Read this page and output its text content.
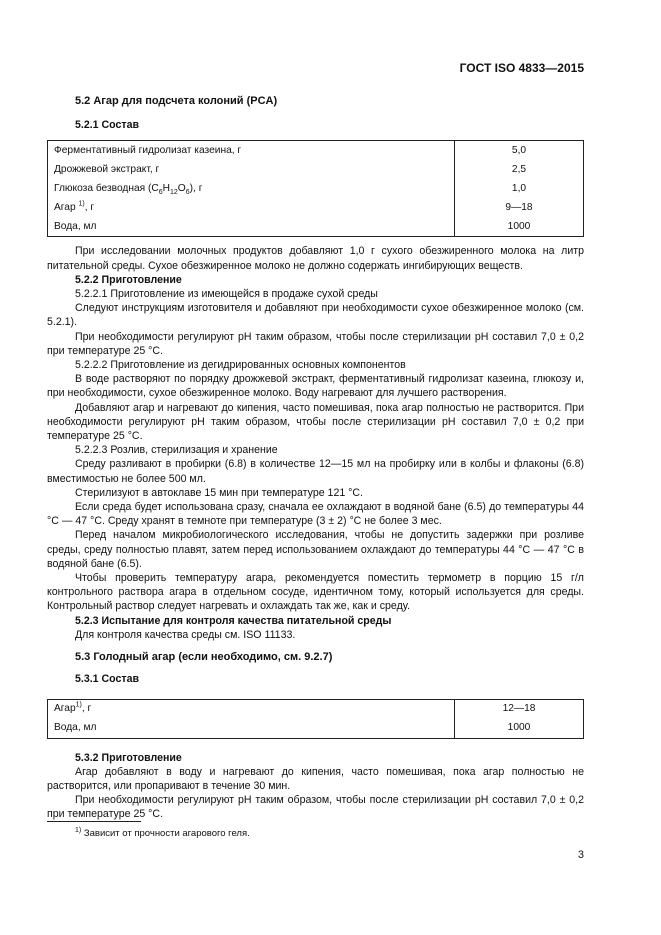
ГОСТ ISO 4833—2015
5.2 Агар для подсчета колоний (PCA)
5.2.1 Состав
Ферментативный гидролизат казеина, г	5,0
Дрожжевой экстракт, г	2,5
Глюкоза безводная $(C_6H_{12}O_6)$, г	1,0
Агар $^{1)}$, г	9—18
Вода, мл	1000
При исследовании молочных продуктов добавляют 1,0 г сухого обезжиренного молока на литр питательной среды. Сухое обезжиренное молоко не должно содержать ингибирующих веществ.
5.2.2 Приготовление
5.2.2.1 Приготовление из имеющейся в продаже сухой среды
Следуют инструкциям изготовителя и добавляют при необходимости сухое обезжиренное молоко (см. 5.2.1).
При необходимости регулируют pH таким образом, чтобы после стерилизации pH составил 7,0 ± 0,2 при температуре 25 °C.
5.2.2.2 Приготовление из дегидрированных основных компонентов
В воде растворяют по порядку дрожжевой экстракт, ферментативный гидролизат казеина, глюкозу и, при необходимости, сухое обезжиренное молоко. Воду нагревают для лучшего растворения.
Добавляют агар и нагревают до кипения, часто помешивая, пока агар полностью не растворится. При необходимости регулируют pH таким образом, чтобы после стерилизации pH составил 7,0 ± 0,2 при температуре 25 °C.
5.2.2.3 Розлив, стерилизация и хранение
Среду разливают в пробирки (6.8) в количестве 12—15 мл на пробирку или в колбы и флаконы (6.8) вместимостью не более 500 мл.
Стерилизуют в автоклаве 15 мин при температуре 121 °C.
Если среда будет использована сразу, сначала ее охлаждают в водяной бане (6.5) до температуры 44 °C — 47 °C. Среду хранят в темноте при температуре (3 ± 2) °C не более 3 мес.
Перед началом микробиологического исследования, чтобы не допустить задержки при розливе среды, среду полностью плавят, затем перед использованием охлаждают до температуры 44 °C — 47 °C в водяной бане (6.5).
Чтобы проверить температуру агара, рекомендуется поместить термометр в порцию 15 г/л контрольного раствора агара в отдельном сосуде, идентичном тому, который используется для среды. Контрольный раствор следует нагревать и охлаждать так же, как и среду.
5.2.3 Испытание для контроля качества питательной среды
Для контроля качества среды см. ISO 11133.
5.3 Голодный агар (если необходимо, см. 9.2.7)
5.3.1 Состав
Агар$^{1)}$, г	12—18
Вода, мл	1000
5.3.2 Приготовление
Агар добавляют в воду и нагревают до кипения, часто помешивая, пока агар полностью не растворится, или пропаривают в течение 30 мин.
При необходимости регулируют pH таким образом, чтобы после стерилизации pH составил 7,0 ± 0,2 при температуре 25 °C.
$^{1)}$ Зависит от прочности агарового геля.
3
